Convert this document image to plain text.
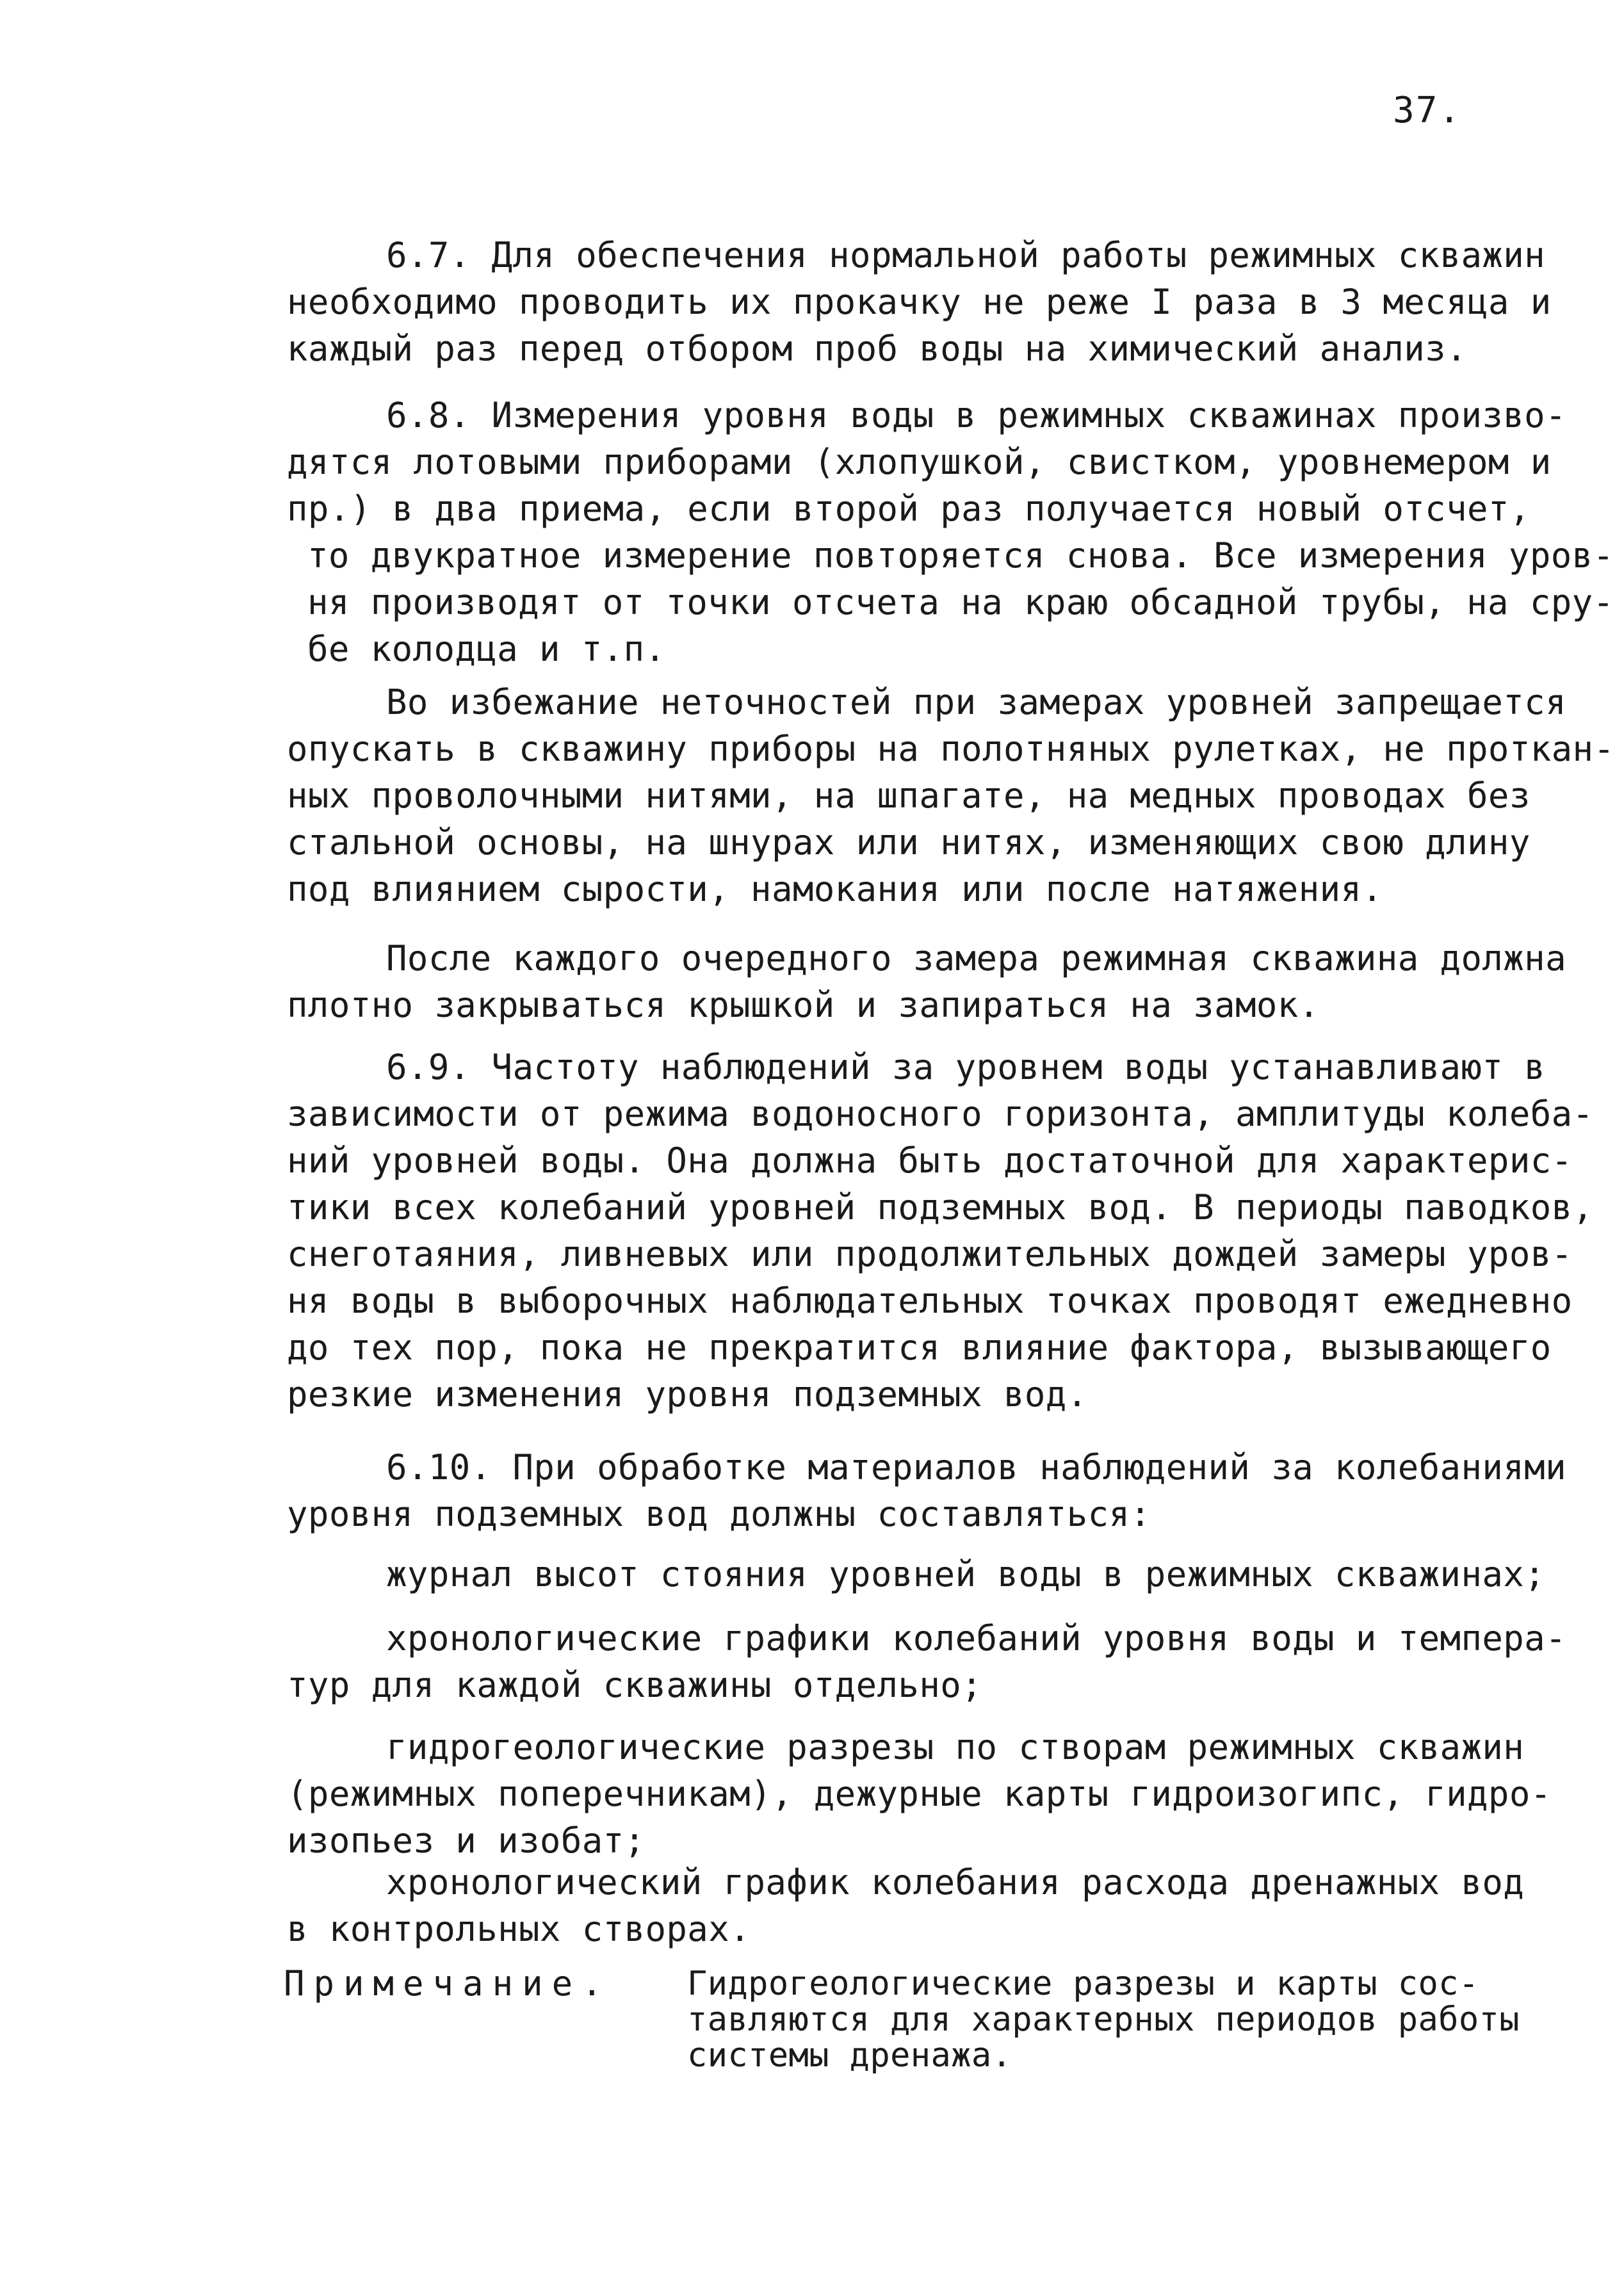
37.
6.7. Для обеспечения нормальной работы режимных скважин
необходимо проводить их прокачку не реже I раза в 3 месяца и
каждый раз перед отбором проб воды на химический анализ.
6.8. Измерения уровня воды в режимных скважинах произво-
дятся лотовыми приборами (хлопушкой, свистком, уровнемером и
пр.) в два приема, если второй раз получается новый отсчет,
то двукратное измерение повторяется снова. Все измерения уров-
ня производят от точки отсчета на краю обсадной трубы, на сру-
бе колодца и т.п.
Во избежание неточностей при замерах уровней запрещается
опускать в скважину приборы на полотняных рулетках, не проткан-
ных проволочными нитями, на шпагате, на медных проводах без
стальной основы, на шнурах или нитях, изменяющих свою длину
под влиянием сырости, намокания или после натяжения.
После каждого очередного замера режимная скважина должна
плотно закрываться крышкой и запираться на замок.
6.9. Частоту наблюдений за уровнем воды устанавливают в
зависимости от режима водоносного горизонта, амплитуды колеба-
ний уровней воды. Она должна быть достаточной для характерис-
тики всех колебаний уровней подземных вод. В периоды паводков,
снеготаяния, ливневых или продолжительных дождей замеры уров-
ня воды в выборочных наблюдательных точках проводят ежедневно
до тех пор, пока не прекратится влияние фактора, вызывающего
резкие изменения уровня подземных вод.
6.10. При обработке материалов наблюдений за колебаниями
уровня подземных вод должны составляться:
журнал высот стояния уровней воды в режимных скважинах;
хронологические графики колебаний уровня воды и темпера-
тур для каждой скважины отдельно;
гидрогеологические разрезы по створам режимных скважин
(режимных поперечникам), дежурные карты гидроизогипс, гидро-
изопьез и изобат;
хронологический график колебания расхода дренажных вод
в контрольных створах.
Примечание. Гидрогеологические разрезы и карты сос-
тавляются для характерных периодов работы
системы дренажа.
